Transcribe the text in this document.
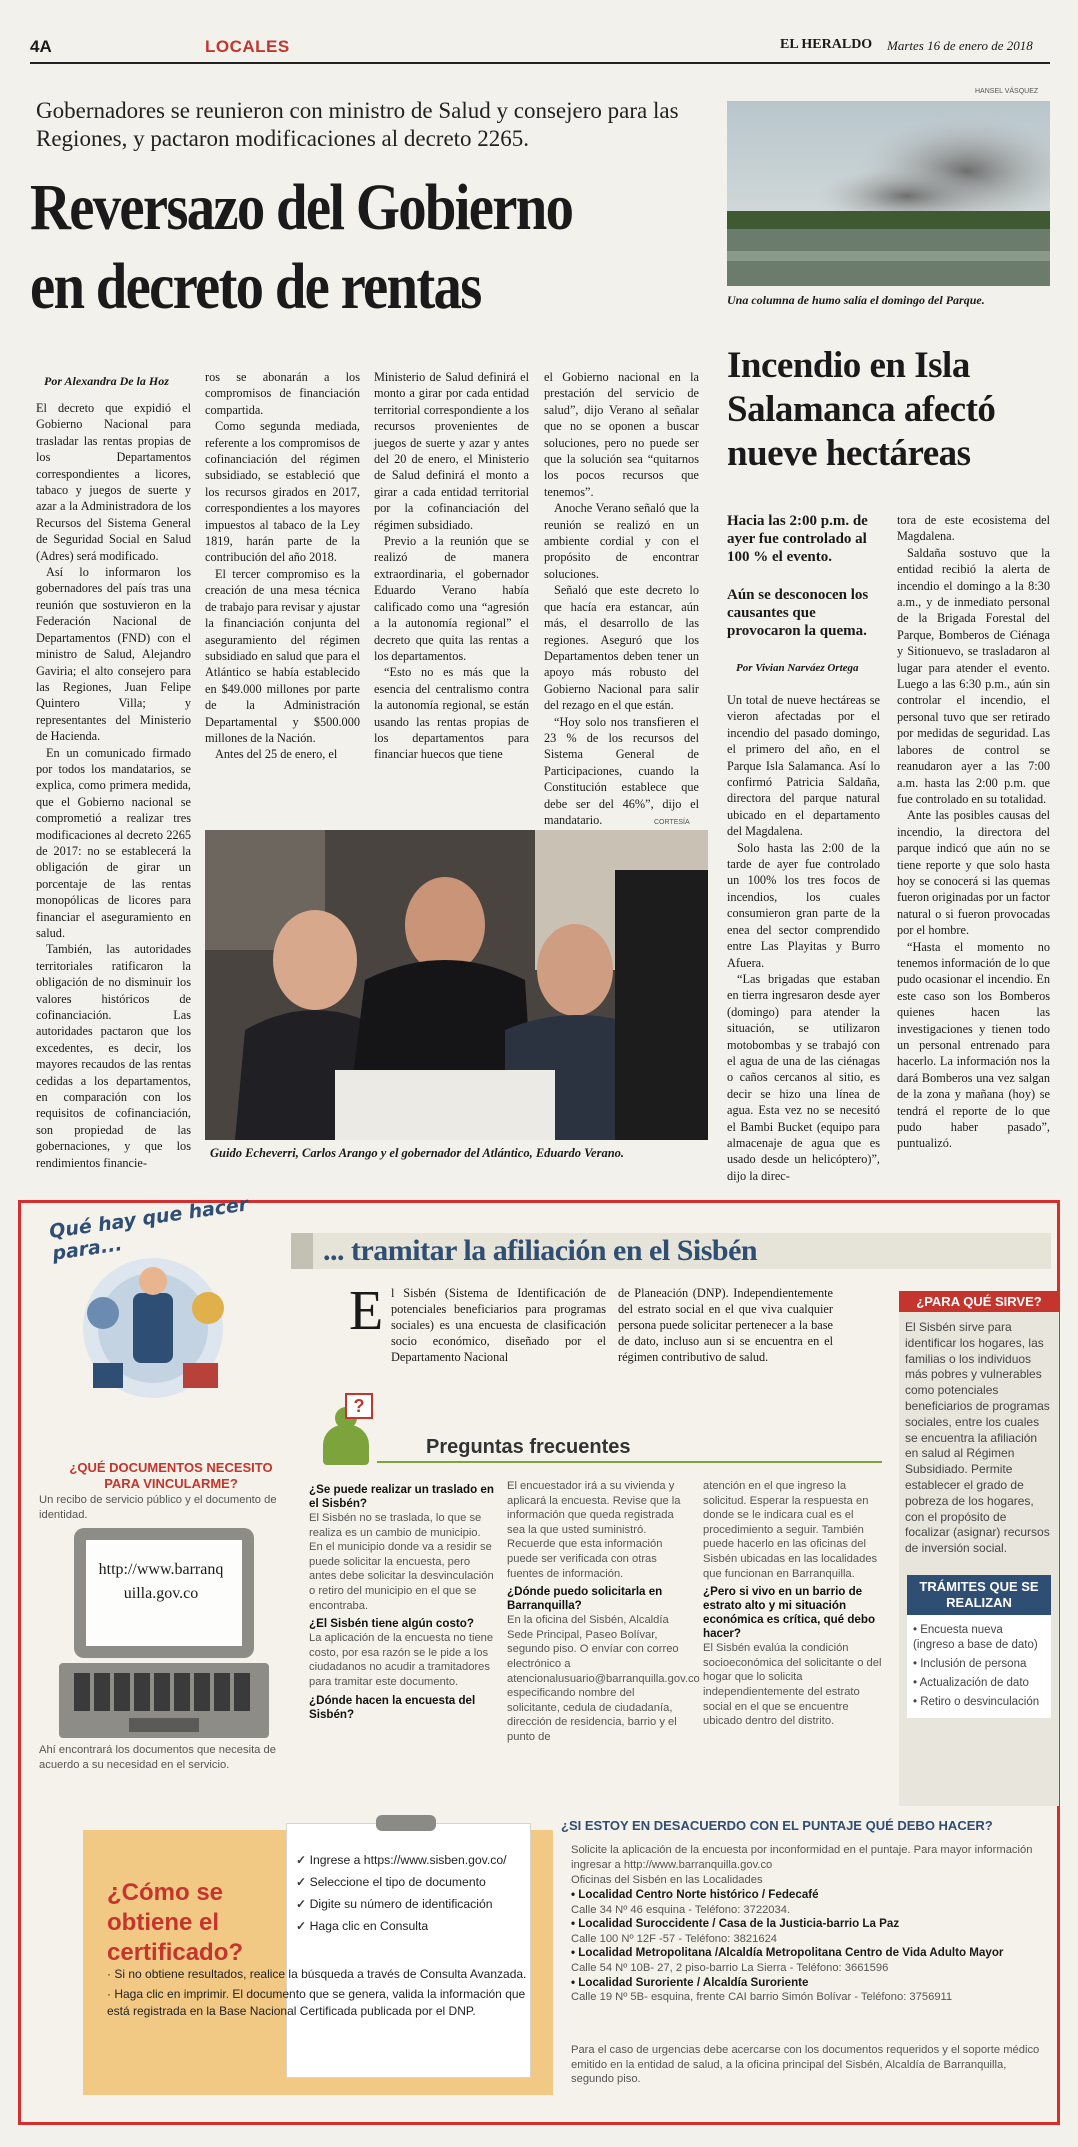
4A	LOCALES	EL HERALDO Martes 16 de enero de 2018
Gobernadores se reunieron con ministro de Salud y consejero para las Regiones, y pactaron modificaciones al decreto 2265.
Reversazo del Gobierno en decreto de rentas
Por Alexandra De la Hoz

El decreto que expidió el Gobierno Nacional para trasladar las rentas propias de los Departamentos correspondientes a licores, tabaco y juegos de suerte y azar a la Administradora de los Recursos del Sistema General de Seguridad Social en Salud (Adres) será modificado.

Así lo informaron los gobernadores del país tras una reunión que sostuvieron en la Federación Nacional de Departamentos (FND) con el ministro de Salud, Alejandro Gaviria; el alto consejero para las Regiones, Juan Felipe Quintero Villa; y representantes del Ministerio de Hacienda.

En un comunicado firmado por todos los mandatarios, se explica, como primera medida, que el Gobierno nacional se comprometió a realizar tres modificaciones al decreto 2265 de 2017: no se establecerá la obligación de girar un porcentaje de las rentas monopólicas de licores para financiar el aseguramiento en salud.

También, las autoridades territoriales ratificaron la obligación de no disminuir los valores históricos de cofinanciación. Las autoridades pactaron que los excedentes, es decir, los mayores recaudos de las rentas cedidas a los departamentos, en comparación con los requisitos de cofinanciación, son propiedad de las gobernaciones, y que los rendimientos financie-

ros se abonarán a los compromisos de financiación compartida.

Como segunda mediada, referente a los compromisos de cofinanciación del régimen subsidiado, se estableció que los recursos girados en 2017, correspondientes a los mayores impuestos al tabaco de la Ley 1819, harán parte de la contribución del año 2018.

El tercer compromiso es la creación de una mesa técnica de trabajo para revisar y ajustar la financiación conjunta del aseguramiento del régimen subsidiado en salud que para el Atlántico se había establecido en $49.000 millones por parte de la Administración Departamental y $500.000 millones de la Nación.

Antes del 25 de enero, el

Ministerio de Salud definirá el monto a girar por cada entidad territorial correspondiente a los recursos provenientes de juegos de suerte y azar y antes del 20 de enero, el Ministerio de Salud definirá el monto a girar a cada entidad territorial por la cofinanciación del régimen subsidiado.

Previo a la reunión que se realizó de manera extraordinaria, el gobernador Eduardo Verano había calificado como una “agresión a la autonomía regional” el decreto que quita las rentas a los departamentos.

“Esto no es más que la esencia del centralismo contra la autonomía regional, se están usando las rentas propias de los departamentos para financiar huecos que tiene

el Gobierno nacional en la prestación del servicio de salud”, dijo Verano al señalar que no se oponen a buscar soluciones, pero no puede ser que la solución sea “quitarnos los pocos recursos que tenemos”.

Anoche Verano señaló que la reunión se realizó en un ambiente cordial y con el propósito de encontrar soluciones.

Señaló que este decreto lo que hacía era estancar, aún más, el desarrollo de las regiones. Aseguró que los Departamentos deben tener un apoyo más robusto del Gobierno Nacional para salir del rezago en el que están.

“Hoy solo nos transfieren el 23 % de los recursos del Sistema General de Participaciones, cuando la Constitución establece que debe ser del 46%”, dijo el mandatario.	CORTESÍA
Guido Echeverri, Carlos Arango y el gobernador del Atlántico, Eduardo Verano.
HANSEL VÁSQUEZ
Una columna de humo salía el domingo del Parque.
Incendio en Isla Salamanca afectó nueve hectáreas
Hacia las 2:00 p.m. de ayer fue controlado al 100 % el evento.
Aún se desconocen los causantes que provocaron la quema.
Por Vivian Narváez Ortega

Un total de nueve hectáreas se vieron afectadas por el incendio del pasado domingo, el primero del año, en el Parque Isla Salamanca. Así lo confirmó Patricia Saldaña, directora del parque natural ubicado en el departamento del Magdalena.

Solo hasta las 2:00 de la tarde de ayer fue controlado un 100% los tres focos de incendios, los cuales consumieron gran parte de la enea del sector comprendido entre Las Playitas y Burro Afuera.

“Las brigadas que estaban en tierra ingresaron desde ayer (domingo) para atender la situación, se utilizaron motobombas y se trabajó con el agua de una de las ciénagas o caños cercanos al sitio, es decir se hizo una línea de agua. Esta vez no se necesitó el Bambi Bucket (equipo para almacenaje de agua que es usado desde un helicóptero)”, dijo la direc-

tora de este ecosistema del Magdalena.

Saldaña sostuvo que la entidad recibió la alerta de incendio el domingo a la 8:30 a.m., y de inmediato personal de la Brigada Forestal del Parque, Bomberos de Ciénaga y Sitionuevo, se trasladaron al lugar para atender el evento. Luego a las 6:30 p.m., aún sin controlar el incendio, el personal tuvo que ser retirado por medidas de seguridad. Las labores de control se reanudaron ayer a las 7:00 a.m. hasta las 2:00 p.m. que fue controlado en su totalidad.

Ante las posibles causas del incendio, la directora del parque indicó que aún no se tiene reporte y que solo hasta hoy se conocerá si las quemas fueron originadas por un factor natural o si fueron provocadas por el hombre.

“Hasta el momento no tenemos información de lo que pudo ocasionar el incendio. En este caso son los Bomberos quienes hacen las investigaciones y tienen todo un personal entrenado para hacerlo. La información nos la dará Bomberos una vez salgan de la zona y mañana (hoy) se tendrá el reporte de lo que pudo haber pasado”, puntualizó.

Qué hay que hacer para...	... tramitar la afiliación en el Sisbén
E l Sisbén (Sistema de Identificación de potenciales beneficiarios para programas sociales) es una encuesta de clasificación socio económico, diseñado por el Departamento Nacional
de Planeación (DNP). Independientemente del estrato social en el que viva cualquier persona puede solicitar pertenecer a la base de dato, incluso aun si se encuentra en el régimen contributivo de salud.
¿PARA QUÉ SIRVE?
El Sisbén sirve para identificar los hogares, las familias o los individuos más pobres y vulnerables como potenciales beneficiarios de programas sociales, entre los cuales se encuentra la afiliación en salud al Régimen Subsidiado. Permite establecer el grado de pobreza de los hogares, con el propósito de focalizar (asignar) recursos de inversión social.
TRÁMITES QUE SE REALIZAN
• Encuesta nueva (ingreso a base de dato)
• Inclusión de persona
• Actualización de dato
• Retiro o desvinculación
¿QUÉ DOCUMENTOS NECESITO PARA VINCULARME?
Un recibo de servicio público y el documento de identidad.
http://www.barranquilla.gov.co
Ahí encontrará los documentos que necesita de acuerdo a su necesidad en el servicio.
?
Preguntas frecuentes
¿Se puede realizar un traslado en el Sisbén?
El Sisbén no se traslada, lo que se realiza es un cambio de municipio. En el municipio donde va a residir se puede solicitar la encuesta, pero antes debe solicitar la desvinculación o retiro del municipio en el que se encontraba.
¿El Sisbén tiene algún costo?
La aplicación de la encuesta no tiene costo, por esa razón se le pide a los ciudadanos no acudir a tramitadores para tramitar este documento.
¿Dónde hacen la encuesta del Sisbén?
El encuestador irá a su vivienda y aplicará la encuesta. Revise que la información que queda registrada sea la que usted suministró. Recuerde que esta información puede ser verificada con otras fuentes de información.
¿Dónde puedo solicitarla en Barranquilla?
En la oficina del Sisbén, Alcaldía Sede Principal, Paseo Bolívar, segundo piso. O envíar con correo electrónico a atencionalusuario@barranquilla.gov.co especificando nombre del solicitante, cedula de ciudadanía, dirección de residencia, barrio y el punto de
atención en el que ingreso la solicitud. Esperar la respuesta en donde se le indicara cual es el procedimiento a seguir. También puede hacerlo en las oficinas del Sisbén ubicadas en las localidades que funcionan en Barranquilla.
¿Pero si vivo en un barrio de estrato alto y mi situación económica es crítica, qué debo hacer?
El Sisbén evalúa la condición socioeconómica del solicitante o del hogar que lo solicita independientemente del estrato social en el que se encuentre ubicado dentro del distrito.
¿Cómo se obtiene el certificado?
✓ Ingrese a https://www.sisben.gov.co/
✓ Seleccione el tipo de documento
✓ Digite su número de identificación
✓ Haga clic en Consulta
· Si no obtiene resultados, realice la búsqueda a través de Consulta Avanzada.
· Haga clic en imprimir. El documento que se genera, valida la información que está registrada en la Base Nacional Certificada publicada por el DNP.
¿SI ESTOY EN DESACUERDO CON EL PUNTAJE QUÉ DEBO HACER?
Solicite la aplicación de la encuesta por inconformidad en el puntaje. Para mayor información ingresar a http://www.barranquilla.gov.co
Oficinas del Sisbén en las Localidades
• Localidad Centro Norte histórico / Fedecafé
Calle 34 Nº 46 esquina - Teléfono: 3722034.
• Localidad Suroccidente / Casa de la Justicia-barrio La Paz
Calle 100 Nº 12F -57 - Teléfono: 3821624
• Localidad Metropolitana /Alcaldía Metropolitana Centro de Vida Adulto Mayor
Calle 54 Nº 10B- 27, 2 piso-barrio La Sierra - Teléfono: 3661596
• Localidad Suroriente / Alcaldía Suroriente
Calle 19 Nº 5B- esquina, frente CAI barrio Simón Bolívar - Teléfono: 3756911
Para el caso de urgencias debe acercarse con los documentos requeridos y el soporte médico emitido en la entidad de salud, a la oficina principal del Sisbén, Alcaldía de Barranquilla, segundo piso.
